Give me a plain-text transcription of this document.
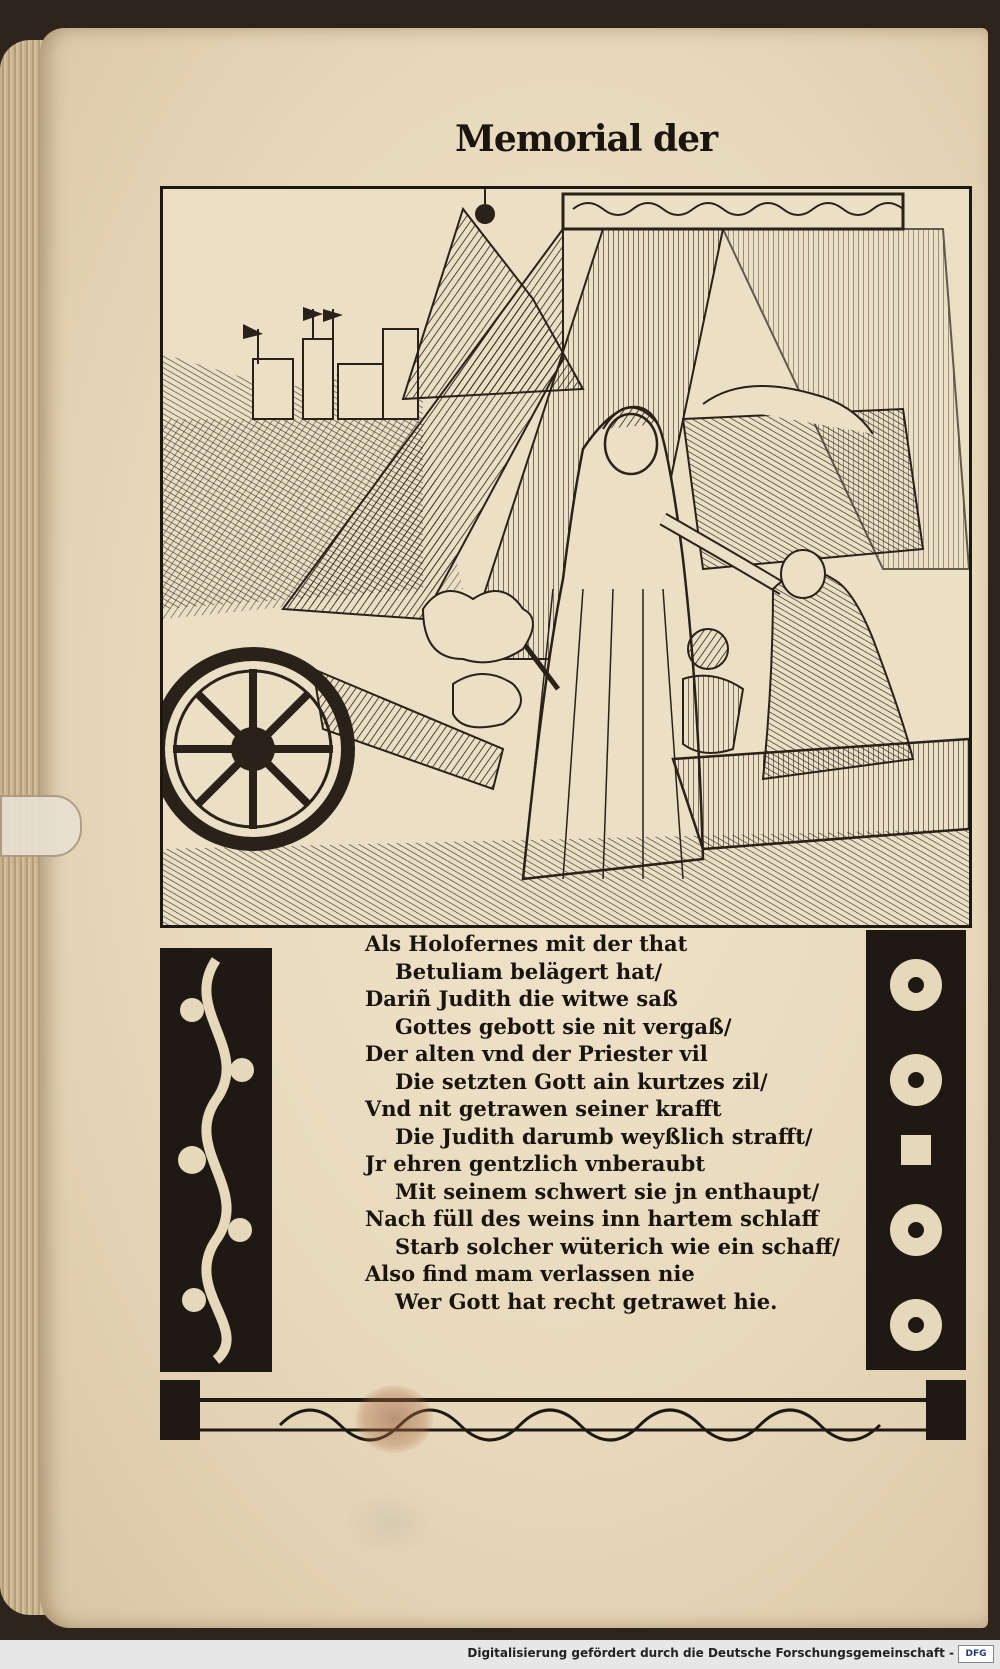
Memorial der
Als Holofernes mit der that
Betuliam belägert hat/
Dariñ Judith die witwe saß
Gottes gebott sie nit vergaß/
Der alten vnd der Priester vil
Die setzten Gott ain kurtzes zil/
Vnd nit getrawen seiner krafft
Die Judith darumb weyßlich strafft/
Jr ehren gentzlich vnberaubt
Mit seinem schwert sie jn enthaupt/
Nach füll des weins inn hartem schlaff
Starb solcher wüterich wie ein schaff/
Also find mam verlassen nie
Wer Gott hat recht getrawet hie.
Digitalisierung gefördert durch die Deutsche Forschungsgemeinschaft -	DFG
